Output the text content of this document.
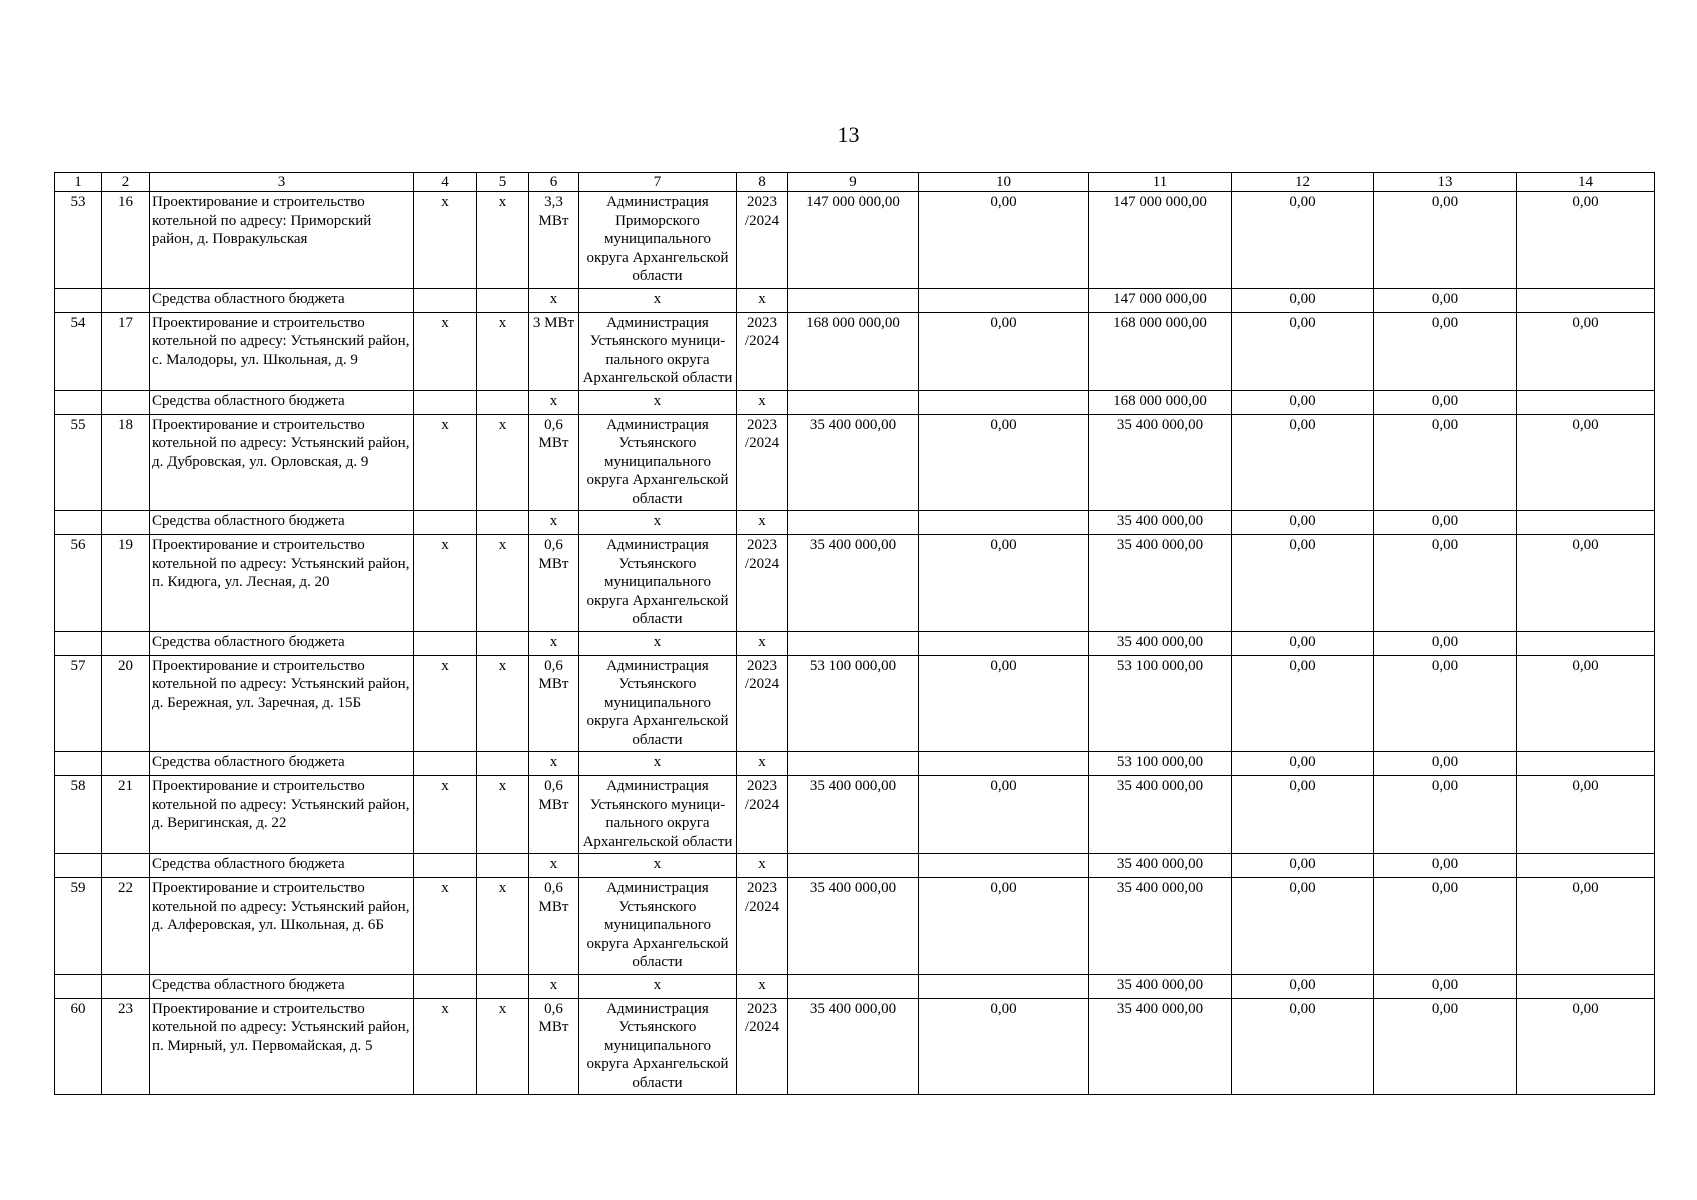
13
1	2	3	4	5	6	7	8	9	10	11	12	13	14
53	16	Проектирование и строительство котельной по адресу: Приморский район, д. Повракульская	х	х	3,3 МВт	Администрация Приморского муниципального округа Архангельской области	2023 /2024	147 000 000,00	0,00	147 000 000,00	0,00	0,00	0,00
		Средства областного бюджета			х	х	х			147 000 000,00	0,00	0,00	
54	17	Проектирование и строительство котельной по адресу: Устьянский район, с. Малодоры, ул. Школьная, д. 9	х	х	3 МВт	Администрация Устьянского муници- пального округа Архангельской области	2023 /2024	168 000 000,00	0,00	168 000 000,00	0,00	0,00	0,00
		Средства областного бюджета			х	х	х			168 000 000,00	0,00	0,00	
55	18	Проектирование и строительство котельной по адресу: Устьянский район, д. Дубровская, ул. Орловская, д. 9	х	х	0,6 МВт	Администрация Устьянского муниципального округа Архангельской области	2023 /2024	35 400 000,00	0,00	35 400 000,00	0,00	0,00	0,00
		Средства областного бюджета			х	х	х			35 400 000,00	0,00	0,00	
56	19	Проектирование и строительство котельной по адресу: Устьянский район, п. Кидюга, ул. Лесная, д. 20	х	х	0,6 МВт	Администрация Устьянского муниципального округа Архангельской области	2023 /2024	35 400 000,00	0,00	35 400 000,00	0,00	0,00	0,00
		Средства областного бюджета			х	х	х			35 400 000,00	0,00	0,00	
57	20	Проектирование и строительство котельной по адресу: Устьянский район, д. Бережная, ул. Заречная, д. 15Б	х	х	0,6 МВт	Администрация Устьянского муниципального округа Архангельской области	2023 /2024	53 100 000,00	0,00	53 100 000,00	0,00	0,00	0,00
		Средства областного бюджета			х	х	х			53 100 000,00	0,00	0,00	
58	21	Проектирование и строительство котельной по адресу: Устьянский район, д. Веригинская, д. 22	х	х	0,6 МВт	Администрация Устьянского муници- пального округа Архангельской области	2023 /2024	35 400 000,00	0,00	35 400 000,00	0,00	0,00	0,00
		Средства областного бюджета			х	х	х			35 400 000,00	0,00	0,00	
59	22	Проектирование и строительство котельной по адресу: Устьянский район, д. Алферовская, ул. Школьная, д. 6Б	х	х	0,6 МВт	Администрация Устьянского муниципального округа Архангельской области	2023 /2024	35 400 000,00	0,00	35 400 000,00	0,00	0,00	0,00
		Средства областного бюджета			х	х	х			35 400 000,00	0,00	0,00	
60	23	Проектирование и строительство котельной по адресу: Устьянский район, п. Мирный, ул. Первомайская, д. 5	х	х	0,6 МВт	Администрация Устьянского муниципального округа Архангельской области	2023 /2024	35 400 000,00	0,00	35 400 000,00	0,00	0,00	0,00
